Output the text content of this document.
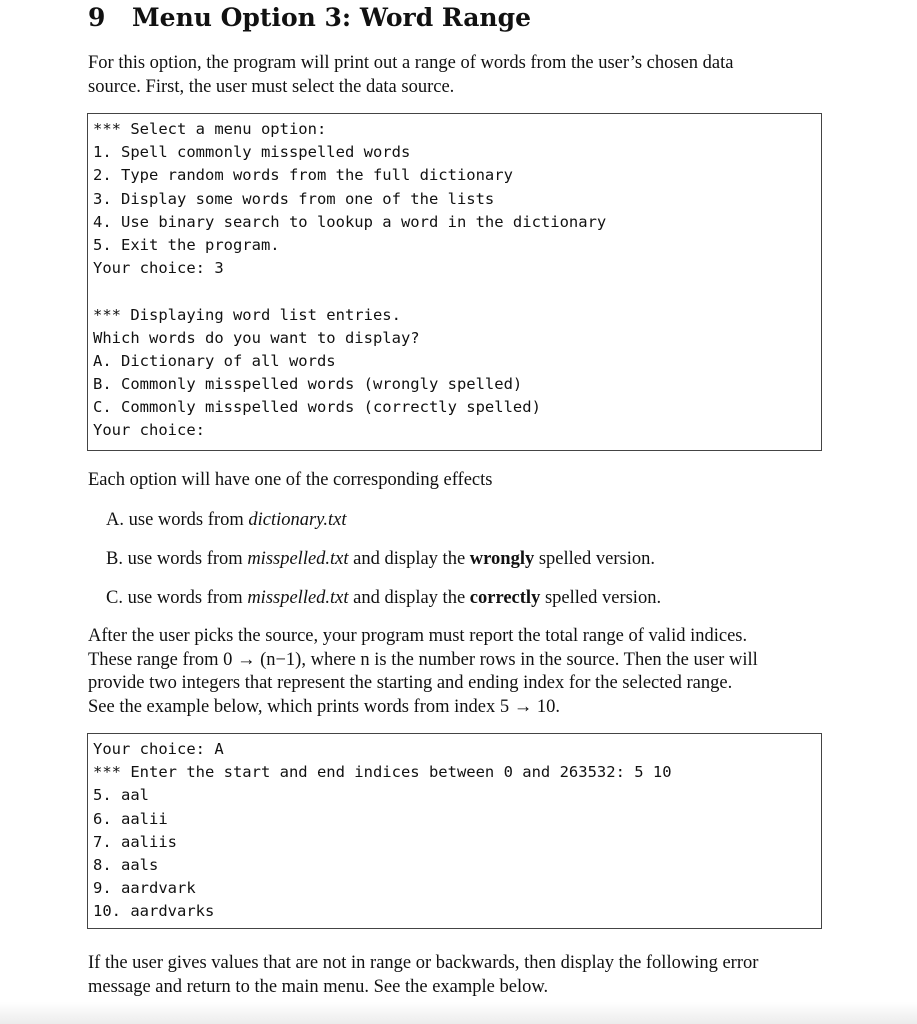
9 Menu Option 3: Word Range
For this option, the program will print out a range of words from the user’s chosen data
source. First, the user must select the data source.
*** Select a menu option:
1. Spell commonly misspelled words
2. Type random words from the full dictionary
3. Display some words from one of the lists
4. Use binary search to lookup a word in the dictionary
5. Exit the program.
Your choice: 3
*** Displaying word list entries.
Which words do you want to display?
A. Dictionary of all words
B. Commonly misspelled words (wrongly spelled)
C. Commonly misspelled words (correctly spelled)
Your choice:
Each option will have one of the corresponding effects
A. use words from dictionary.txt
B. use words from misspelled.txt and display the wrongly spelled version.
C. use words from misspelled.txt and display the correctly spelled version.
After the user picks the source, your program must report the total range of valid indices.
These range from 0 → (n−1), where n is the number rows in the source. Then the user will
provide two integers that represent the starting and ending index for the selected range.
See the example below, which prints words from index 5 → 10.
Your choice: A
*** Enter the start and end indices between 0 and 263532: 5 10
5. aal
6. aalii
7. aaliis
8. aals
9. aardvark
10. aardvarks
If the user gives values that are not in range or backwards, then display the following error
message and return to the main menu. See the example below.
